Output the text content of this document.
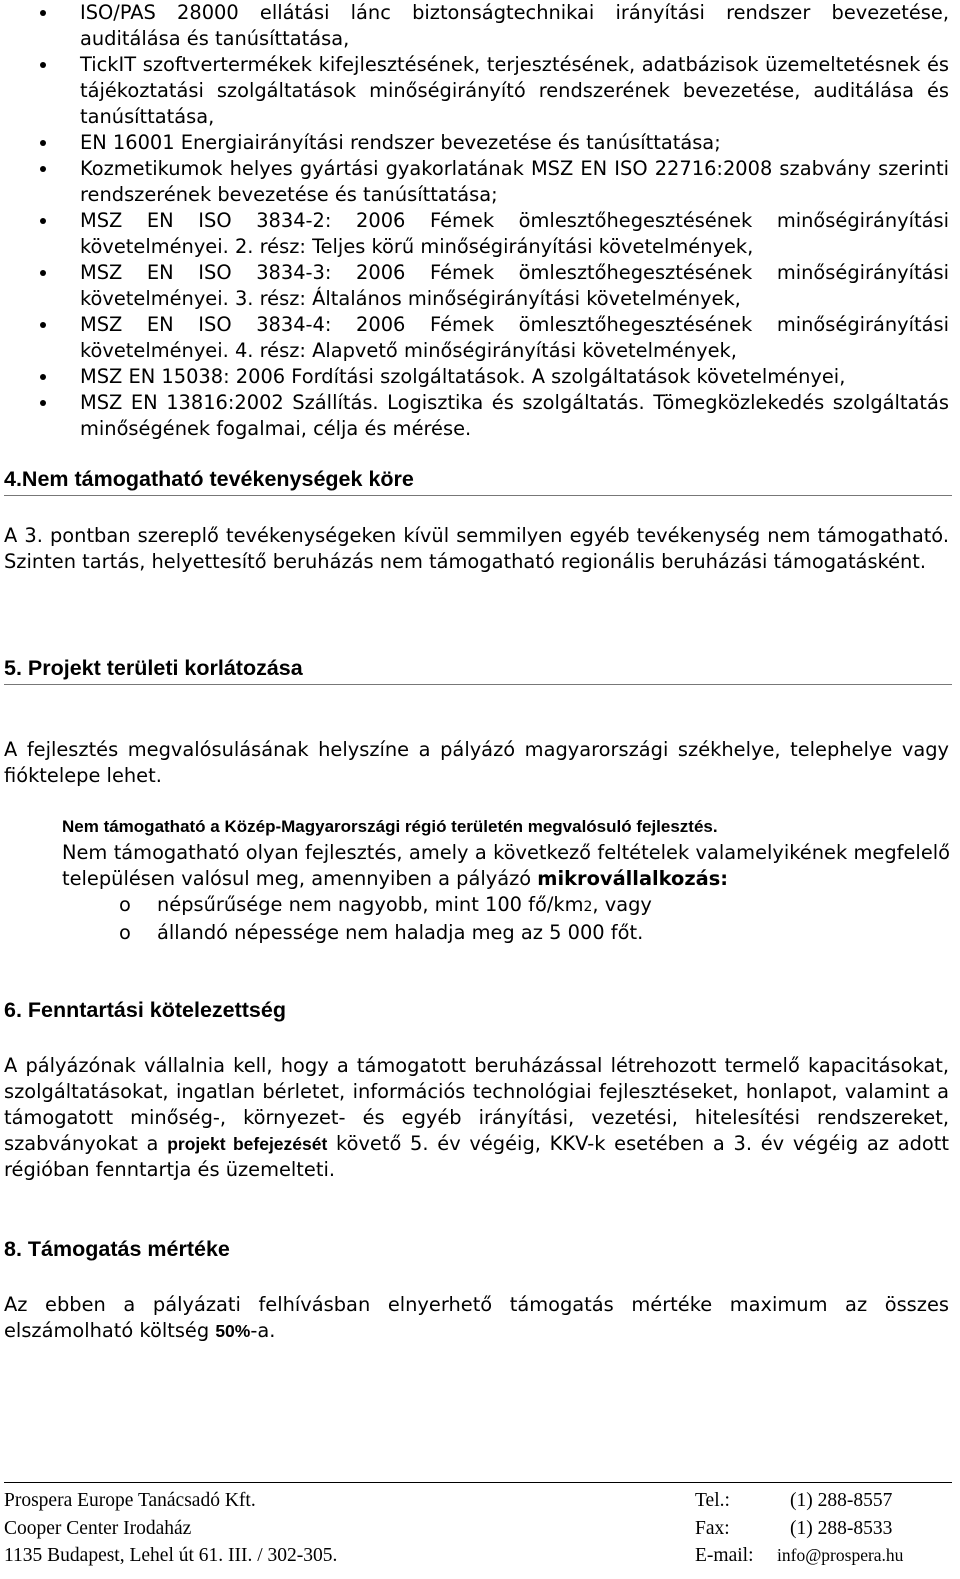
ISO/PAS 28000 ellátási lánc biztonságtechnikai irányítási rendszer bevezetése, auditálása és tanúsíttatása,
TickIT szoftvertermékek kifejlesztésének, terjesztésének, adatbázisok üzemeltetésnek és tájékoztatási szolgáltatások minőségirányító rendszerének bevezetése, auditálása és tanúsíttatása,
EN 16001 Energiairányítási rendszer bevezetése és tanúsíttatása;
Kozmetikumok helyes gyártási gyakorlatának MSZ EN ISO 22716:2008 szabvány szerinti rendszerének bevezetése és tanúsíttatása;
MSZ EN ISO 3834-2: 2006 Fémek ömlesztőhegesztésének minőségirányítási követelményei. 2. rész: Teljes körű minőségirányítási követelmények,
MSZ EN ISO 3834-3: 2006 Fémek ömlesztőhegesztésének minőségirányítási követelményei. 3. rész: Általános minőségirányítási követelmények,
MSZ EN ISO 3834-4: 2006 Fémek ömlesztőhegesztésének minőségirányítási követelményei. 4. rész: Alapvető minőségirányítási követelmények,
MSZ EN 15038: 2006 Fordítási szolgáltatások. A szolgáltatások követelményei,
MSZ EN 13816:2002 Szállítás. Logisztika és szolgáltatás. Tömegközlekedés szolgáltatás minőségének fogalmai, célja és mérése.
4.Nem támogatható tevékenységek köre
A 3. pontban szereplő tevékenységeken kívül semmilyen egyéb tevékenység nem támogatható. Szinten tartás, helyettesítő beruházás nem támogatható regionális beruházási támogatásként.
5. Projekt területi korlátozása
A fejlesztés megvalósulásának helyszíne a pályázó magyarországi székhelye, telephelye vagy fióktelepe lehet.
Nem támogatható a Közép-Magyarországi régió területén megvalósuló fejlesztés.
Nem támogatható olyan fejlesztés, amely a következő feltételek valamelyikének megfelelő településen valósul meg, amennyiben a pályázó mikrovállalkozás:
o népsűrűsége nem nagyobb, mint 100 fő/km2, vagy
o állandó népessége nem haladja meg az 5 000 főt.
6. Fenntartási kötelezettség
A pályázónak vállalnia kell, hogy a támogatott beruházással létrehozott termelő kapacitásokat, szolgáltatásokat, ingatlan bérletet, információs technológiai fejlesztéseket, honlapot, valamint a támogatott minőség-, környezet- és egyéb irányítási, vezetési, hitelesítési rendszereket, szabványokat a projekt befejezését követő 5. év végéig, KKV-k esetében a 3. év végéig az adott régióban fenntartja és üzemelteti.
8. Támogatás mértéke
Az ebben a pályázati felhívásban elnyerhető támogatás mértéke maximum az összes elszámolható költség 50%-a.
Prospera Europe Tanácsadó Kft.
Cooper Center Irodaház
1135 Budapest, Lehel út 61. III. / 302-305.
Tel.:	(1) 288-8557
Fax:	(1) 288-8533
E-mail:	info@prospera.hu
